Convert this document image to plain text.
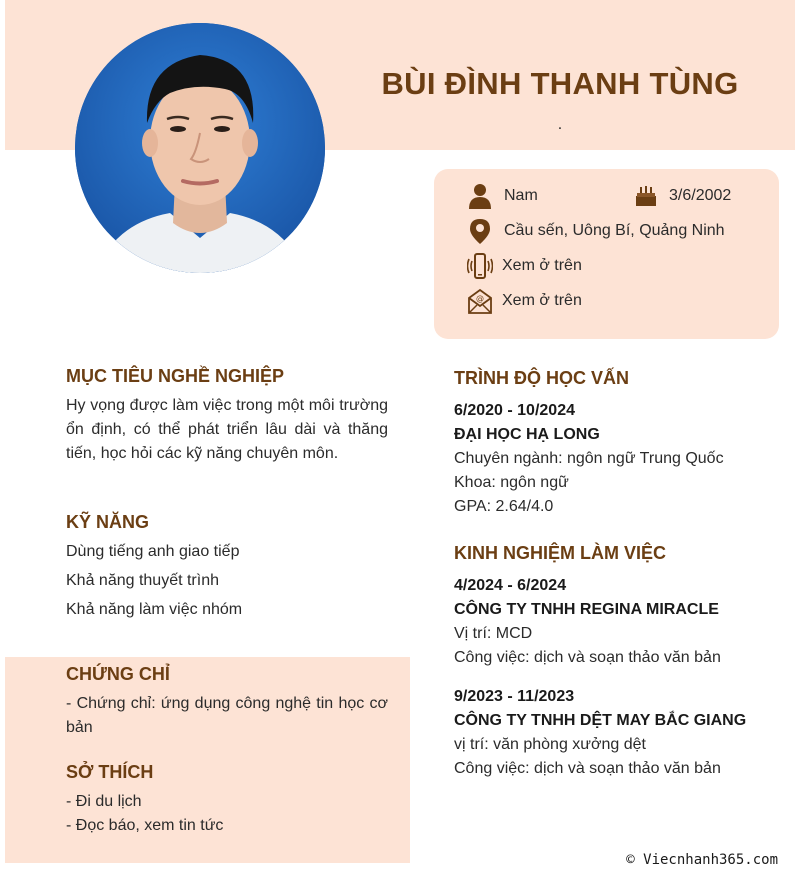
BÙI ĐÌNH THANH TÙNG
.
Nam	3/6/2002
Cầu sến, Uông Bí, Quảng Ninh
Xem ở trên
@ Xem ở trên
MỤC TIÊU NGHỀ NGHIỆP
Hy vọng được làm việc trong một môi trường ổn định, có thể phát triển lâu dài và thăng tiến, học hỏi các kỹ năng chuyên môn.
KỸ NĂNG
Dùng tiếng anh giao tiếp
Khả năng thuyết trình
Khả năng làm việc nhóm
CHỨNG CHỈ
- Chứng chỉ: ứng dụng công nghệ tin học cơ bản
SỞ THÍCH
- Đi du lịch
- Đọc báo, xem tin tức
TRÌNH ĐỘ HỌC VẤN
6/2020 - 10/2024
ĐẠI HỌC HẠ LONG
Chuyên ngành: ngôn ngữ Trung Quốc
Khoa: ngôn ngữ
GPA: 2.64/4.0
KINH NGHIỆM LÀM VIỆC
4/2024 - 6/2024
CÔNG TY TNHH REGINA MIRACLE
Vị trí: MCD
Công việc: dịch và soạn thảo văn bản
9/2023 - 11/2023
CÔNG TY TNHH DỆT MAY BẮC GIANG
vị trí: văn phòng xưởng dệt
Công việc: dịch và soạn thảo văn bản
© Viecnhanh365.com
